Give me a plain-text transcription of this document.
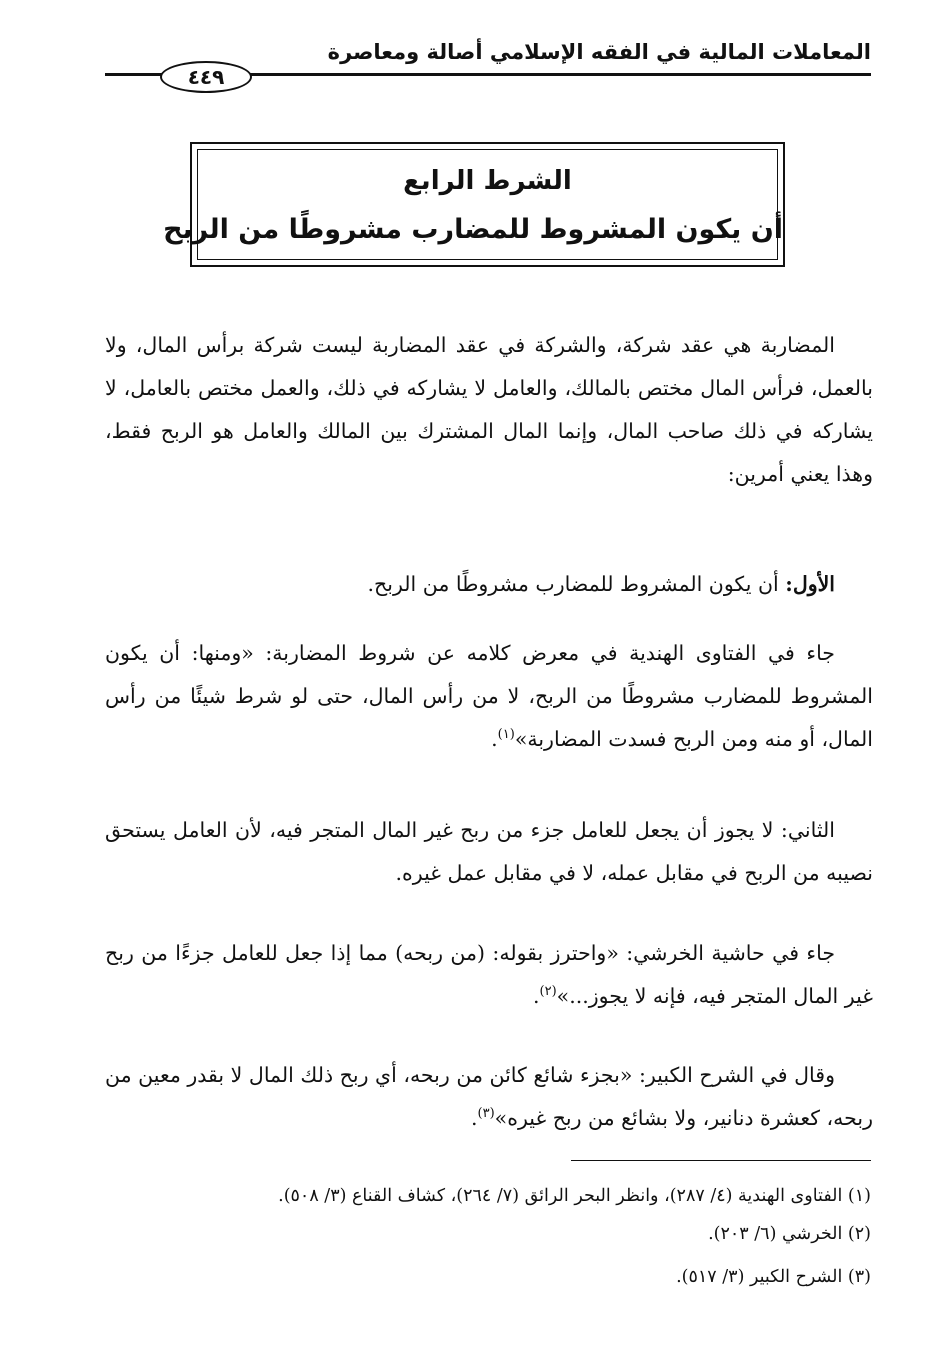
المعاملات المالية في الفقه الإسلامي أصالة ومعاصرة
٤٤٩
الشرط الرابع
أن يكون المشروط للمضارب مشروطًا من الربح

المضاربة هي عقد شركة، والشركة في عقد المضاربة ليست شركة برأس المال، ولا بالعمل، فرأس المال مختص بالمالك، والعامل لا يشاركه في ذلك، والعمل مختص بالعامل، لا يشاركه في ذلك صاحب المال، وإنما المال المشترك بين المالك والعامل هو الربح فقط، وهذا يعني أمرين:

الأول: أن يكون المشروط للمضارب مشروطًا من الربح.

جاء في الفتاوى الهندية في معرض كلامه عن شروط المضاربة: «ومنها: أن يكون المشروط للمضارب مشروطًا من الربح، لا من رأس المال، حتى لو شرط شيئًا من رأس المال، أو منه ومن الربح فسدت المضاربة»$^{(١)}$.

الثاني: لا يجوز أن يجعل للعامل جزء من ربح غير المال المتجر فيه، لأن العامل يستحق نصيبه من الربح في مقابل عمله، لا في مقابل عمل غيره.

جاء في حاشية الخرشي: «واحترز بقوله: (من ربحه) مما إذا جعل للعامل جزءًا من ربح غير المال المتجر فيه، فإنه لا يجوز...»$^{(٢)}$.

وقال في الشرح الكبير: «بجزء شائع كائن من ربحه، أي ربح ذلك المال لا بقدر معين من ربحه، كعشرة دنانير، ولا بشائع من ربح غيره»$^{(٣)}$.

(١) الفتاوى الهندية (٤/ ٢٨٧)، وانظر البحر الرائق (٧/ ٢٦٤)، كشاف القناع (٣/ ٥٠٨).
(٢) الخرشي (٦/ ٢٠٣).
(٣) الشرح الكبير (٣/ ٥١٧).
